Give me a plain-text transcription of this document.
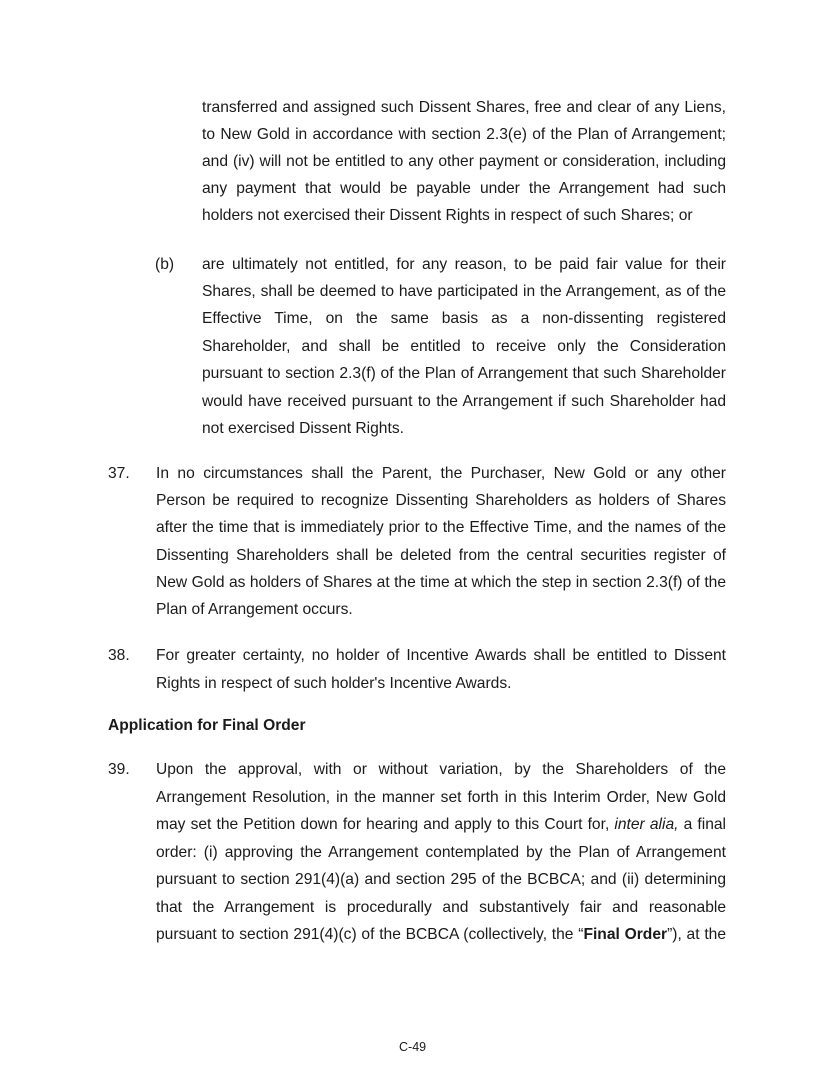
transferred and assigned such Dissent Shares, free and clear of any Liens,
to New Gold in accordance with section 2.3(e) of the Plan of Arrangement;
and (iv) will not be entitled to any other payment or consideration, including
any payment that would be payable under the Arrangement had such
holders not exercised their Dissent Rights in respect of such Shares; or
(b) are ultimately not entitled, for any reason, to be paid fair value for their
Shares, shall be deemed to have participated in the Arrangement, as of the
Effective Time, on the same basis as a non-dissenting registered
Shareholder, and shall be entitled to receive only the Consideration
pursuant to section 2.3(f) of the Plan of Arrangement that such Shareholder
would have received pursuant to the Arrangement if such Shareholder had
not exercised Dissent Rights.
37. In no circumstances shall the Parent, the Purchaser, New Gold or any other
Person be required to recognize Dissenting Shareholders as holders of Shares
after the time that is immediately prior to the Effective Time, and the names of the
Dissenting Shareholders shall be deleted from the central securities register of
New Gold as holders of Shares at the time at which the step in section 2.3(f) of the
Plan of Arrangement occurs.
38. For greater certainty, no holder of Incentive Awards shall be entitled to Dissent
Rights in respect of such holder's Incentive Awards.
Application for Final Order
39. Upon the approval, with or without variation, by the Shareholders of the
Arrangement Resolution, in the manner set forth in this Interim Order, New Gold
may set the Petition down for hearing and apply to this Court for, inter alia, a final
order: (i) approving the Arrangement contemplated by the Plan of Arrangement
pursuant to section 291(4)(a) and section 295 of the BCBCA; and (ii) determining
that the Arrangement is procedurally and substantively fair and reasonable
pursuant to section 291(4)(c) of the BCBCA (collectively, the “Final Order”), at the
C-49
